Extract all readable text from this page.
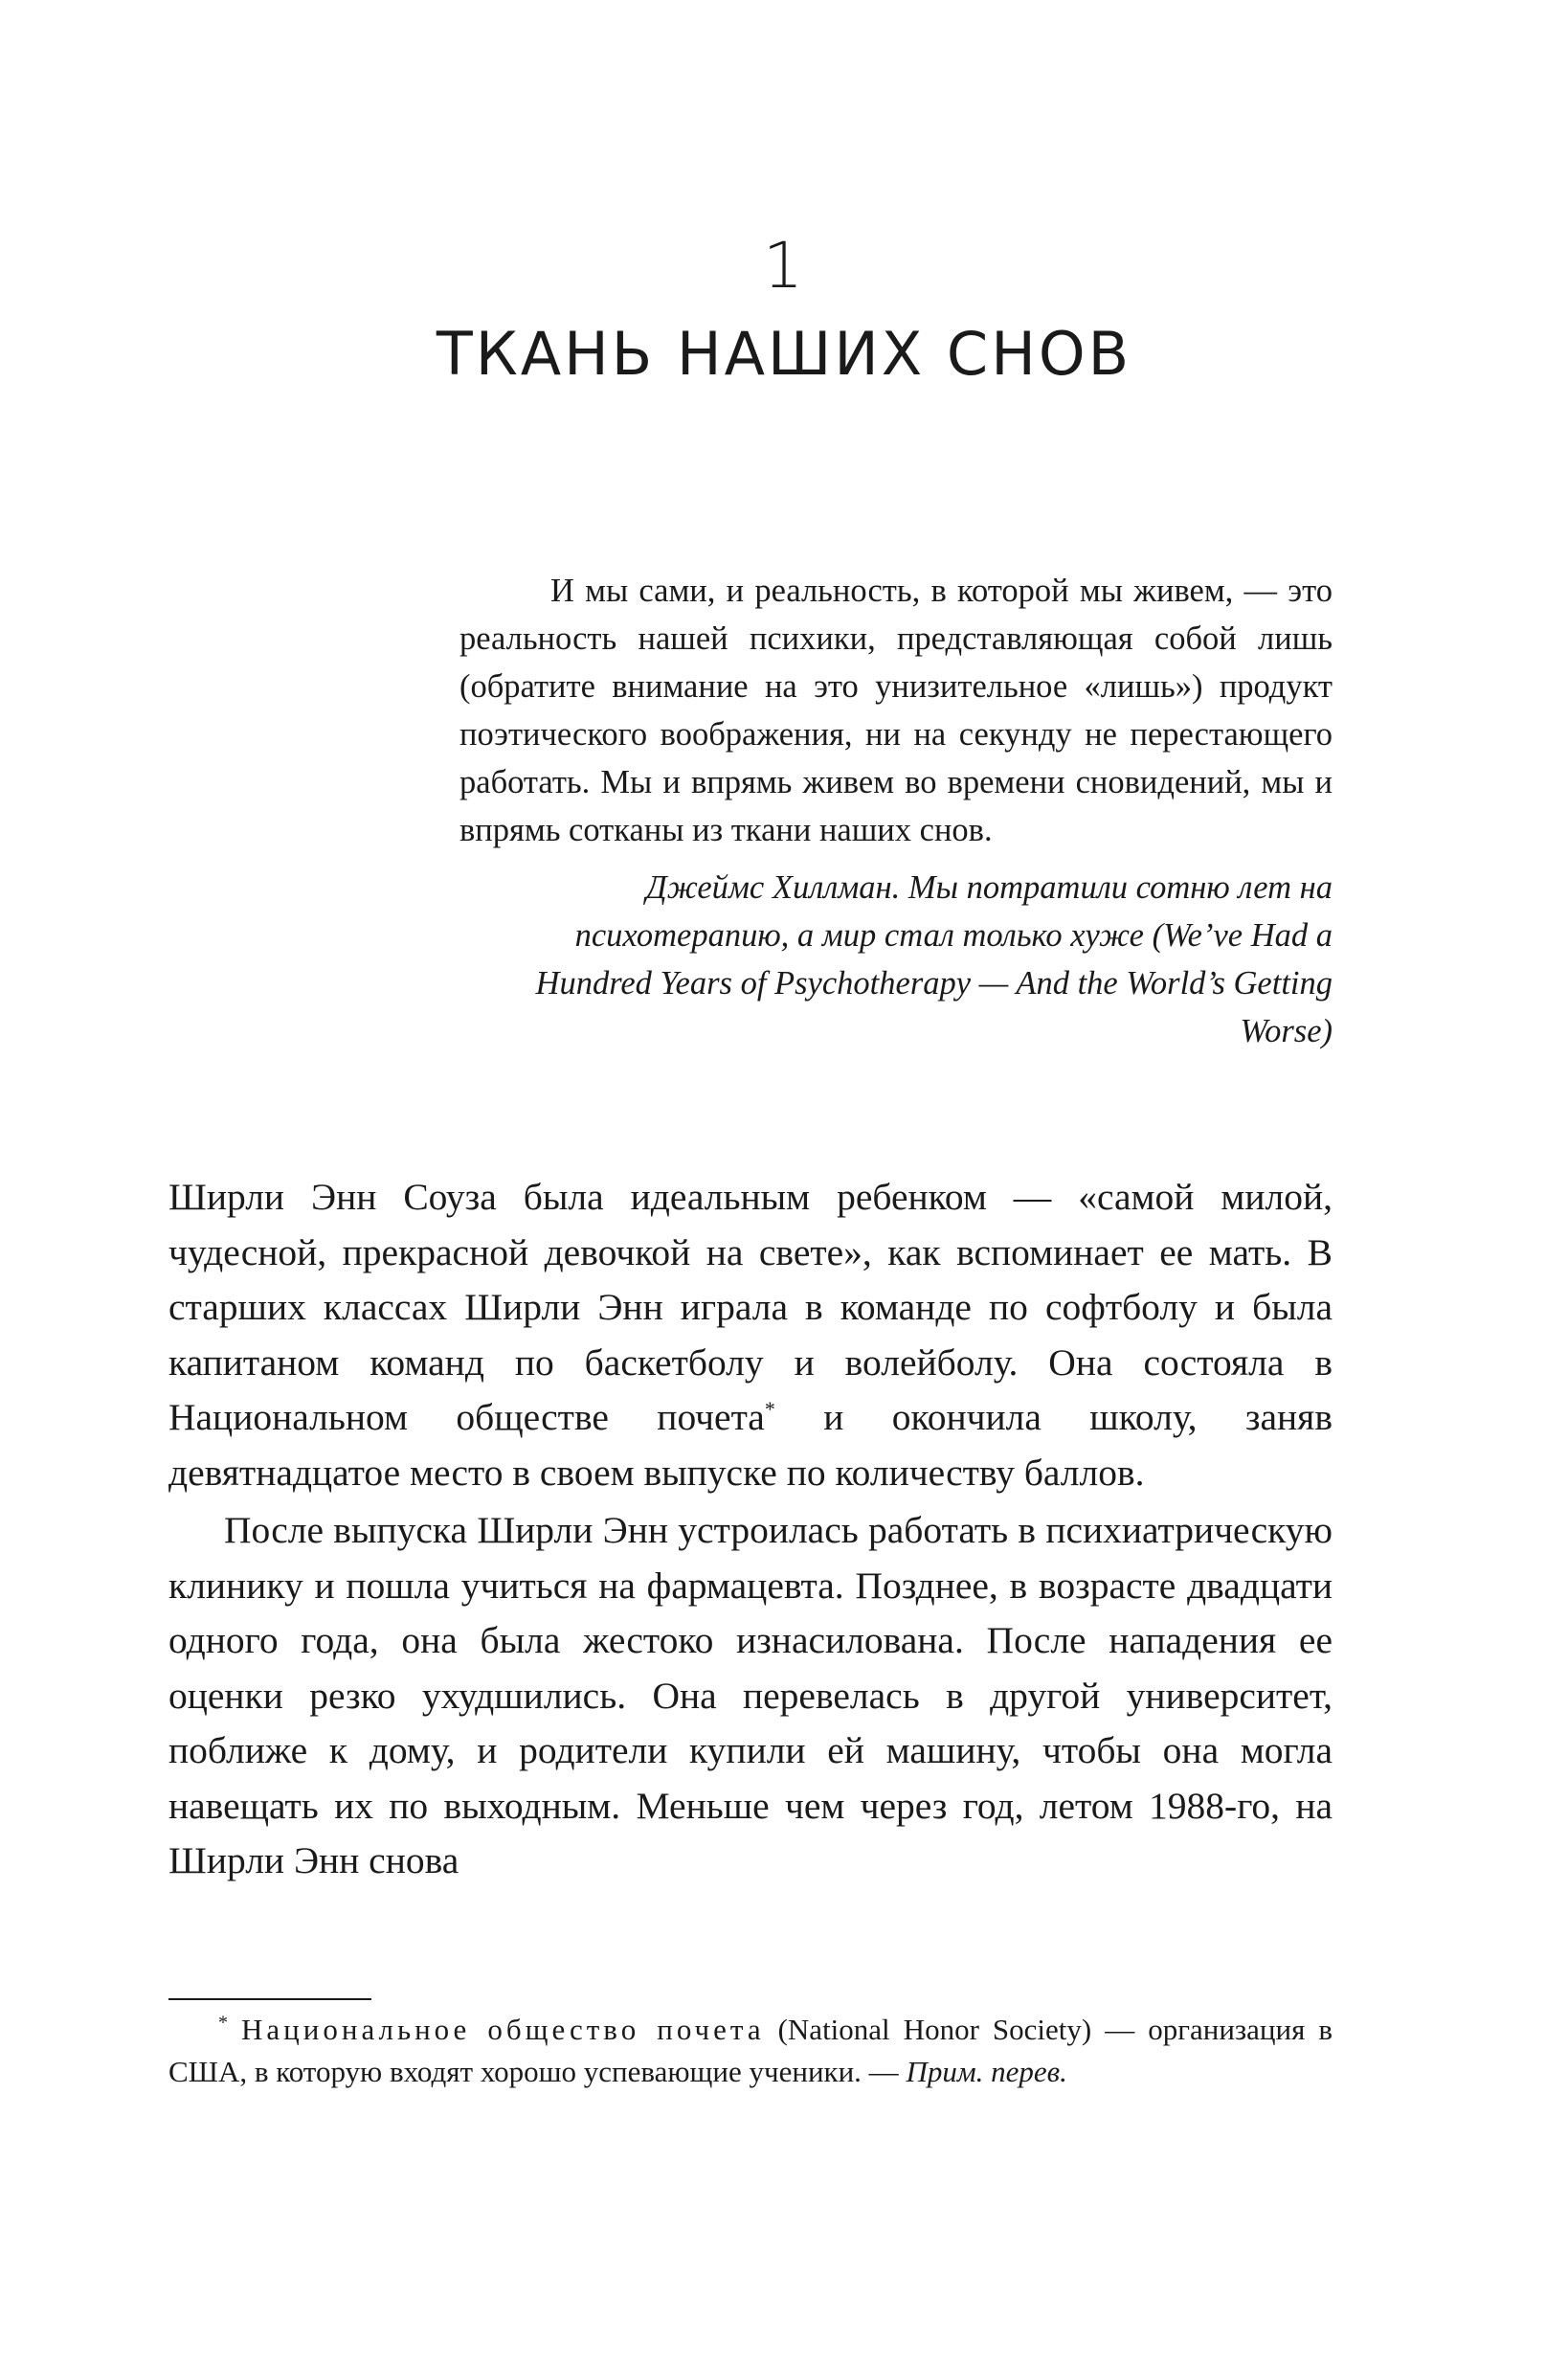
1
ТКАНЬ НАШИХ СНОВ

И мы сами, и реальность, в которой мы живем, — это реальность нашей психики, представляющая собой лишь (обратите внимание на это унизительное «лишь») продукт поэтического воображения, ни на секунду не перестающего работать. Мы и впрямь живем во времени сновидений, мы и впрямь сотканы из ткани наших снов.

Джеймс Хиллман. Мы потратили сотню лет на психотерапию, а мир стал только хуже (We’ve Had a Hundred Years of Psychotherapy — And the World’s Getting Worse)

Ширли Энн Соуза была идеальным ребенком — «самой милой, чудесной, прекрасной девочкой на свете», как вспоминает ее мать. В старших классах Ширли Энн играла в команде по софтболу и была капитаном команд по баскетболу и волейболу. Она состояла в Национальном обществе почета* и окончила школу, заняв девятнадцатое место в своем выпуске по количеству баллов.

После выпуска Ширли Энн устроилась работать в психиатрическую клинику и пошла учиться на фармацевта. Позднее, в возрасте двадцати одного года, она была жестоко изнасилована. После нападения ее оценки резко ухудшились. Она перевелась в другой университет, поближе к дому, и родители купили ей машину, чтобы она могла навещать их по выходным. Меньше чем через год, летом 1988-го, на Ширли Энн снова

* Национальное общество почета (National Honor Society) — организация в США, в которую входят хорошо успевающие ученики. — Прим. перев.
